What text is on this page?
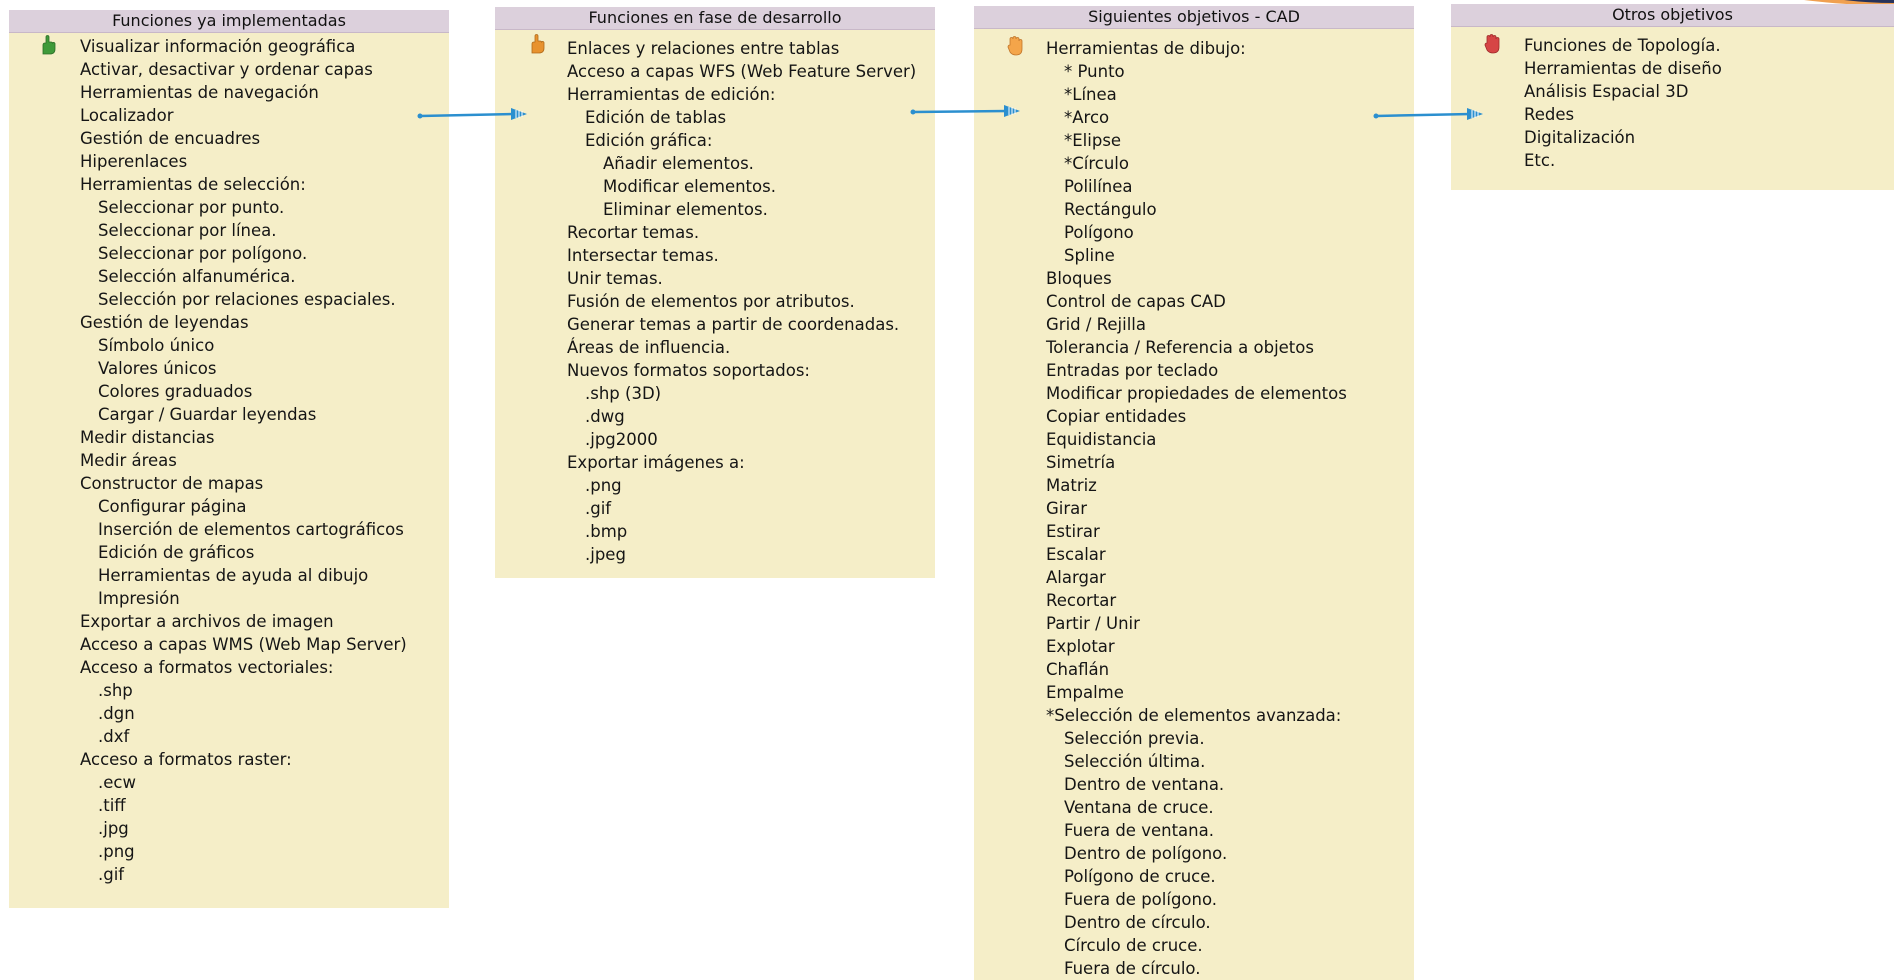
Funciones ya implementadas
Visualizar información geográfica
Activar, desactivar y ordenar capas
Herramientas de navegación
Localizador
Gestión de encuadres
Hiperenlaces
Herramientas de selección:
Seleccionar por punto.
Seleccionar por línea.
Seleccionar por polígono.
Selección alfanumérica.
Selección por relaciones espaciales.
Gestión de leyendas
Símbolo único
Valores únicos
Colores graduados
Cargar / Guardar leyendas
Medir distancias
Medir áreas
Constructor de mapas
Configurar página
Inserción de elementos cartográficos
Edición de gráficos
Herramientas de ayuda al dibujo
Impresión
Exportar a archivos de imagen
Acceso a capas WMS (Web Map Server)
Acceso a formatos vectoriales:
.shp
.dgn
.dxf
Acceso a formatos raster:
.ecw
.tiff
.jpg
.png
.gif
Funciones en fase de desarrollo
Enlaces y relaciones entre tablas
Acceso a capas WFS (Web Feature Server)
Herramientas de edición:
Edición de tablas
Edición gráfica:
Añadir elementos.
Modificar elementos.
Eliminar elementos.
Recortar temas.
Intersectar temas.
Unir temas.
Fusión de elementos por atributos.
Generar temas a partir de coordenadas.
Áreas de influencia.
Nuevos formatos soportados:
.shp (3D)
.dwg
.jpg2000
Exportar imágenes a:
.png
.gif
.bmp
.jpeg
Siguientes objetivos - CAD
Herramientas de dibujo:
* Punto
*Línea
*Arco
*Elipse
*Círculo
Polilínea
Rectángulo
Polígono
Spline
Bloques
Control de capas CAD
Grid / Rejilla
Tolerancia / Referencia a objetos
Entradas por teclado
Modificar propiedades de elementos
Copiar entidades
Equidistancia
Simetría
Matriz
Girar
Estirar
Escalar
Alargar
Recortar
Partir / Unir
Explotar
Chaflán
Empalme
*Selección de elementos avanzada:
Selección previa.
Selección última.
Dentro de ventana.
Ventana de cruce.
Fuera de ventana.
Dentro de polígono.
Polígono de cruce.
Fuera de polígono.
Dentro de círculo.
Círculo de cruce.
Fuera de círculo.
Otros objetivos
Funciones de Topología.
Herramientas de diseño
Análisis Espacial 3D
Redes
Digitalización
Etc.
